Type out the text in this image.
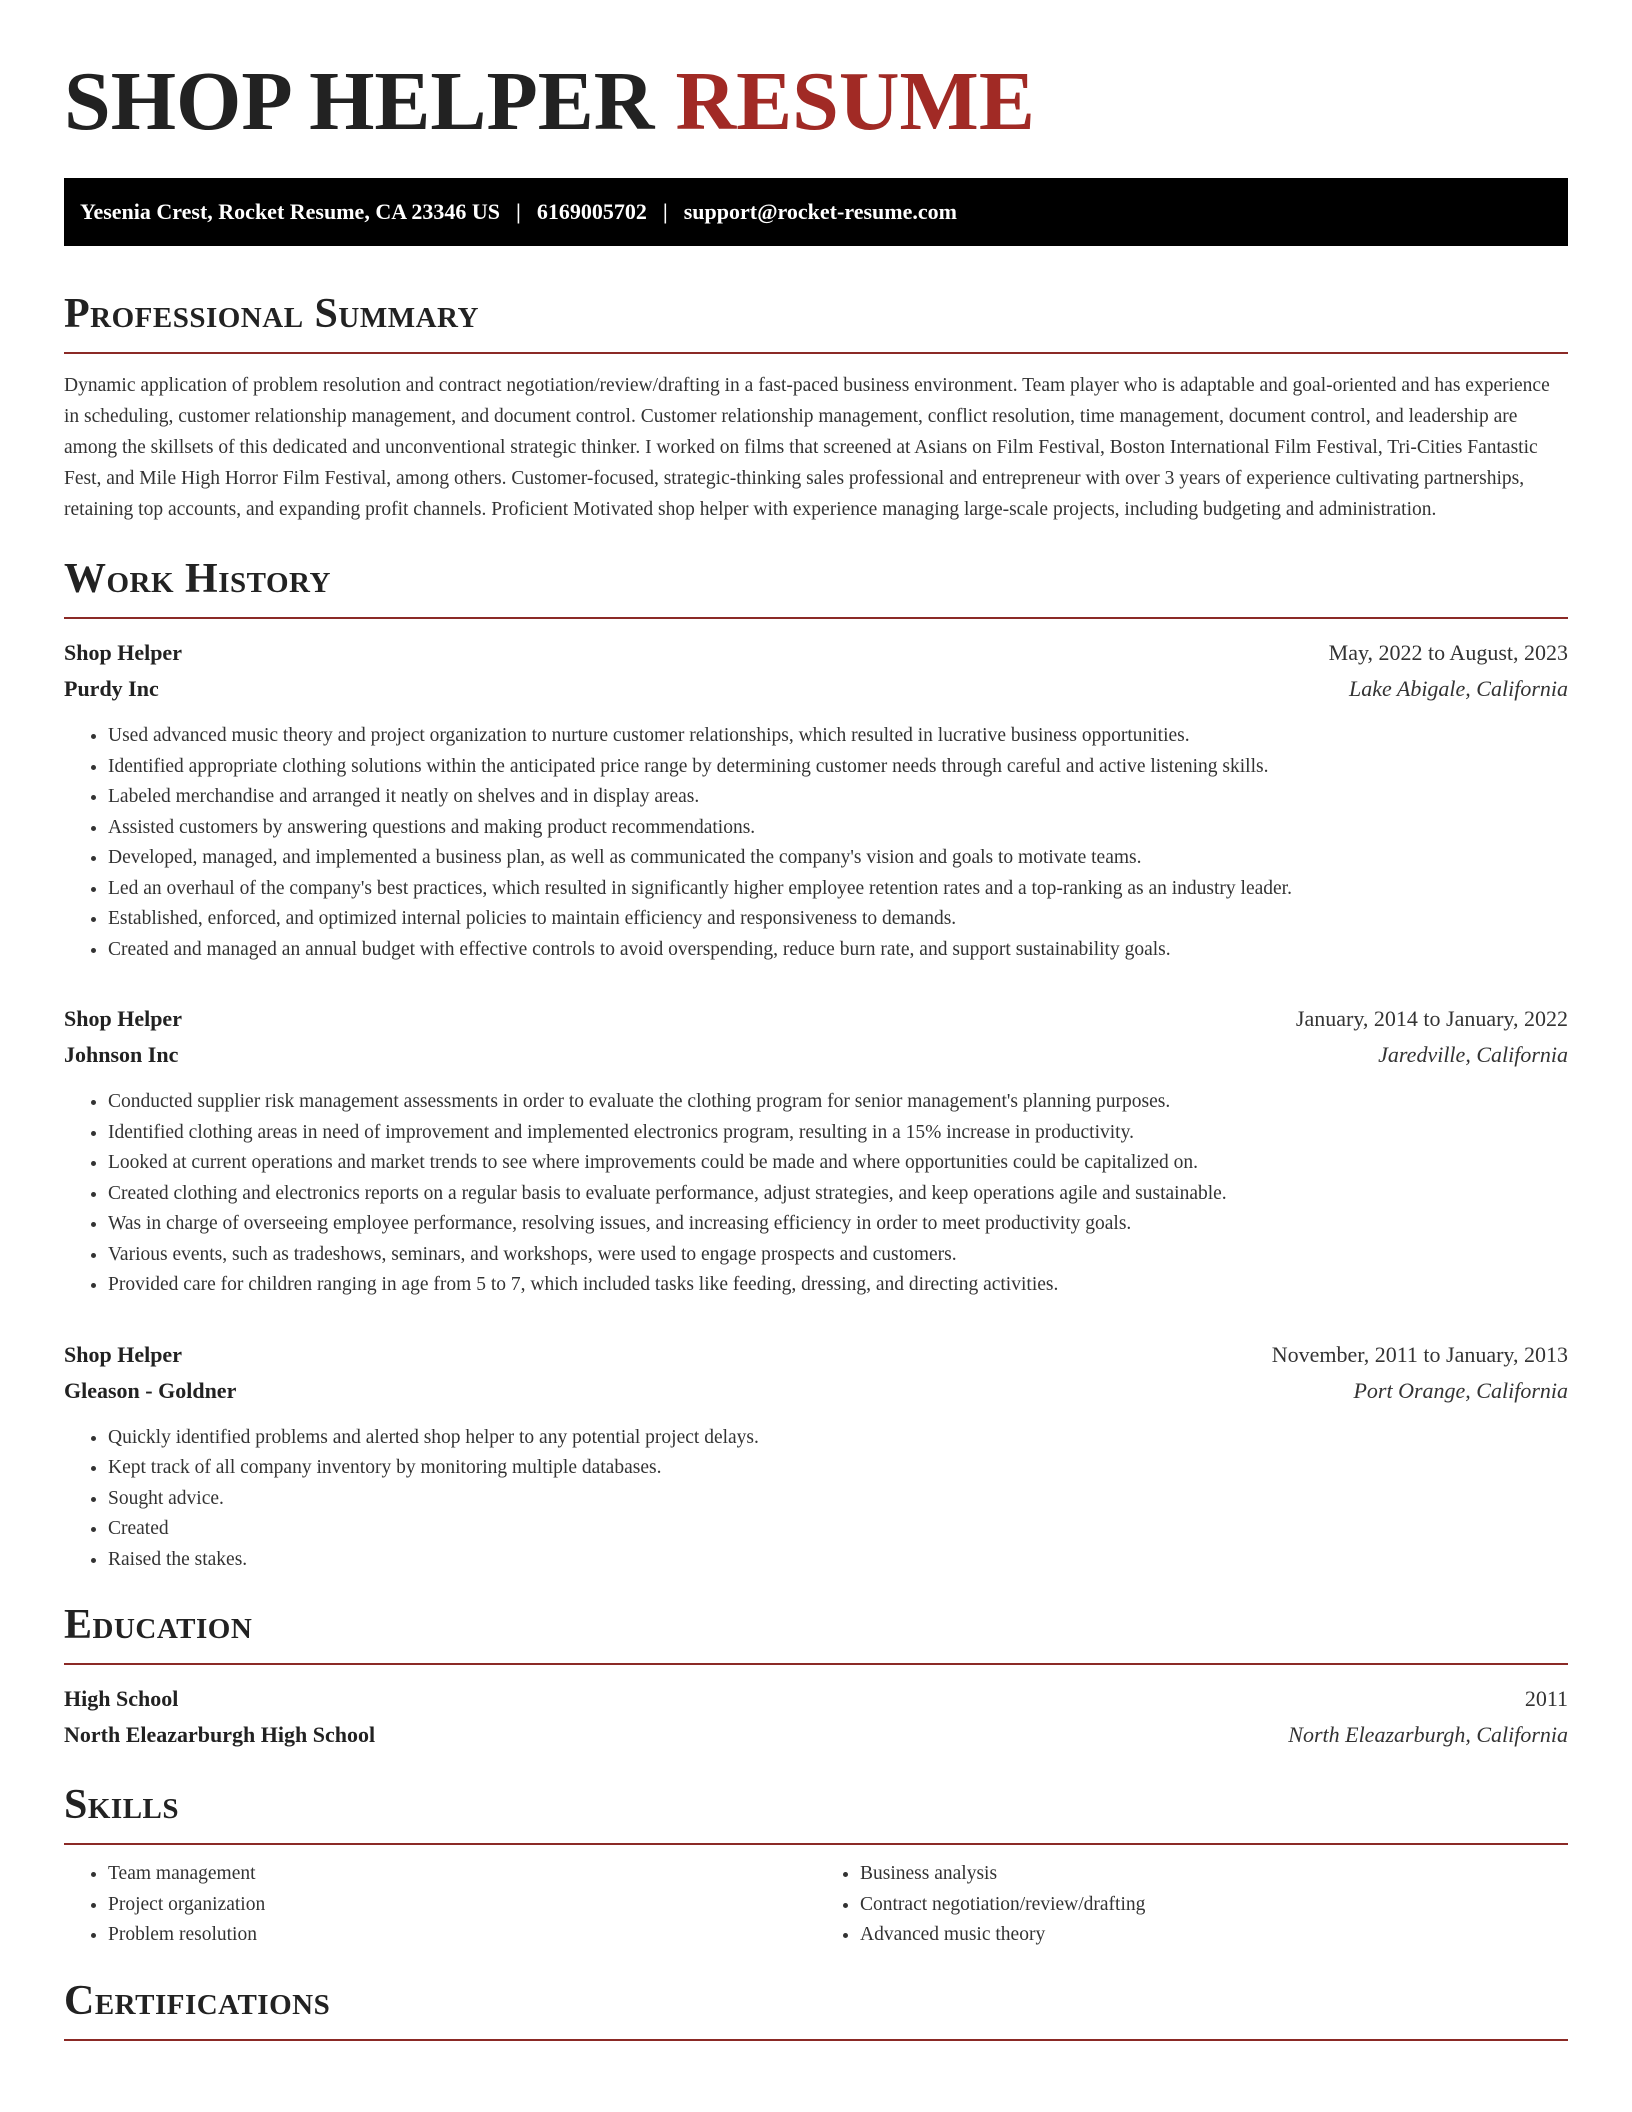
SHOP HELPER RESUME
Yesenia Crest, Rocket Resume, CA 23346 US | 6169005702 | support@rocket-resume.com
Professional Summary

Dynamic application of problem resolution and contract negotiation/review/drafting in a fast-paced business environment. Team player who is adaptable and goal-oriented and has experience in scheduling, customer relationship management, and document control. Customer relationship management, conflict resolution, time management, document control, and leadership are among the skillsets of this dedicated and unconventional strategic thinker. I worked on films that screened at Asians on Film Festival, Boston International Film Festival, Tri-Cities Fantastic Fest, and Mile High Horror Film Festival, among others. Customer-focused, strategic-thinking sales professional and entrepreneur with over 3 years of experience cultivating partnerships, retaining top accounts, and expanding profit channels. Proficient Motivated shop helper with experience managing large-scale projects, including budgeting and administration.

Work History
Shop Helper	May, 2022 to August, 2023
Purdy Inc	Lake Abigale, California
• Used advanced music theory and project organization to nurture customer relationships, which resulted in lucrative business opportunities.
• Identified appropriate clothing solutions within the anticipated price range by determining customer needs through careful and active listening skills.
• Labeled merchandise and arranged it neatly on shelves and in display areas.
• Assisted customers by answering questions and making product recommendations.
• Developed, managed, and implemented a business plan, as well as communicated the company's vision and goals to motivate teams.
• Led an overhaul of the company's best practices, which resulted in significantly higher employee retention rates and a top-ranking as an industry leader.
• Established, enforced, and optimized internal policies to maintain efficiency and responsiveness to demands.
• Created and managed an annual budget with effective controls to avoid overspending, reduce burn rate, and support sustainability goals.
Shop Helper	January, 2014 to January, 2022
Johnson Inc	Jaredville, California
• Conducted supplier risk management assessments in order to evaluate the clothing program for senior management's planning purposes.
• Identified clothing areas in need of improvement and implemented electronics program, resulting in a 15% increase in productivity.
• Looked at current operations and market trends to see where improvements could be made and where opportunities could be capitalized on.
• Created clothing and electronics reports on a regular basis to evaluate performance, adjust strategies, and keep operations agile and sustainable.
• Was in charge of overseeing employee performance, resolving issues, and increasing efficiency in order to meet productivity goals.
• Various events, such as tradeshows, seminars, and workshops, were used to engage prospects and customers.
• Provided care for children ranging in age from 5 to 7, which included tasks like feeding, dressing, and directing activities.
Shop Helper	November, 2011 to January, 2013
Gleason - Goldner	Port Orange, California
• Quickly identified problems and alerted shop helper to any potential project delays.
• Kept track of all company inventory by monitoring multiple databases.
• Sought advice.
• Created
• Raised the stakes.
Education
High School	2011
North Eleazarburgh High School	North Eleazarburgh, California
Skills
• Team management
• Project organization
• Problem resolution
• Business analysis
• Contract negotiation/review/drafting
• Advanced music theory
Certifications
